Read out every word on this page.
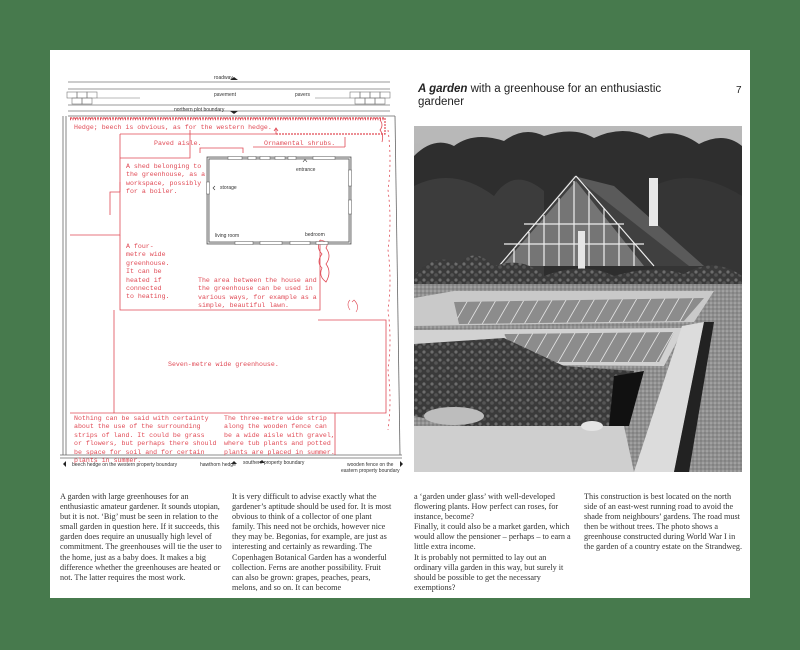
roadway
pavement	pavers
northern plot boundary
beech hedge on the western property boundary	hawthorn hedge southern property boundary	wooden fence on the
eastern property boundary
entrance
storage
living room	bedroom
Hedge; beech is obvious, as for the western hedge.
Paved aisle.	Ornamental shrubs.
A shed belonging to
the greenhouse, as a
workspace, possibly
for a boiler.
A four-
metre wide
greenhouse.
It can be
heated if
connected
to heating.
The area between the house and
the greenhouse can be used in
various ways, for example as a
simple, beautiful lawn.
Seven-metre wide greenhouse.
Nothing can be said with certainty
about the use of the surrounding
strips of land. It could be grass
or flowers, but perhaps there should
be space for soil and for certain
plants in summer.
The three-metre wide strip
along the wooden fence can
be a wide aisle with gravel,
where tub plants and potted
plants are placed in summer.
A garden with a greenhouse for an enthusiastic gardener
7

A garden with large greenhouses for an enthusiastic amateur gardener. It sounds utopian, but it is not. ‘Big’ must be seen in relation to the small garden in question here. If it succeeds, this garden does require an unusually high level of commitment. The greenhouses will tie the user to the home, just as a baby does. It makes a big difference whether the greenhouses are heated or not. The latter requires the most work.

It is very difficult to advise exactly what the gardener’s aptitude should be used for. It is most obvious to think of a collector of one plant family. This need not be orchids, however nice they may be. Begonias, for example, are just as interesting and certainly as rewarding. The Copenhagen Botanical Garden has a wonderful collection. Ferns are another possibility. Fruit can also be grown: grapes, peaches, pears, melons, and so on. It can become

a ‘garden under glass’ with well-developed flowering plants. How perfect can roses, for instance, become?

Finally, it could also be a market garden, which would allow the pensioner – perhaps – to earn a little extra income.

It is probably not permitted to lay out an ordinary villa garden in this way, but surely it should be possible to get the necessary exemptions?

This construction is best located on the north side of an east-west running road to avoid the shade from neighbours’ gardens. The road must then be without trees. The photo shows a greenhouse constructed during World War I in the garden of a country estate on the Strandweg.
